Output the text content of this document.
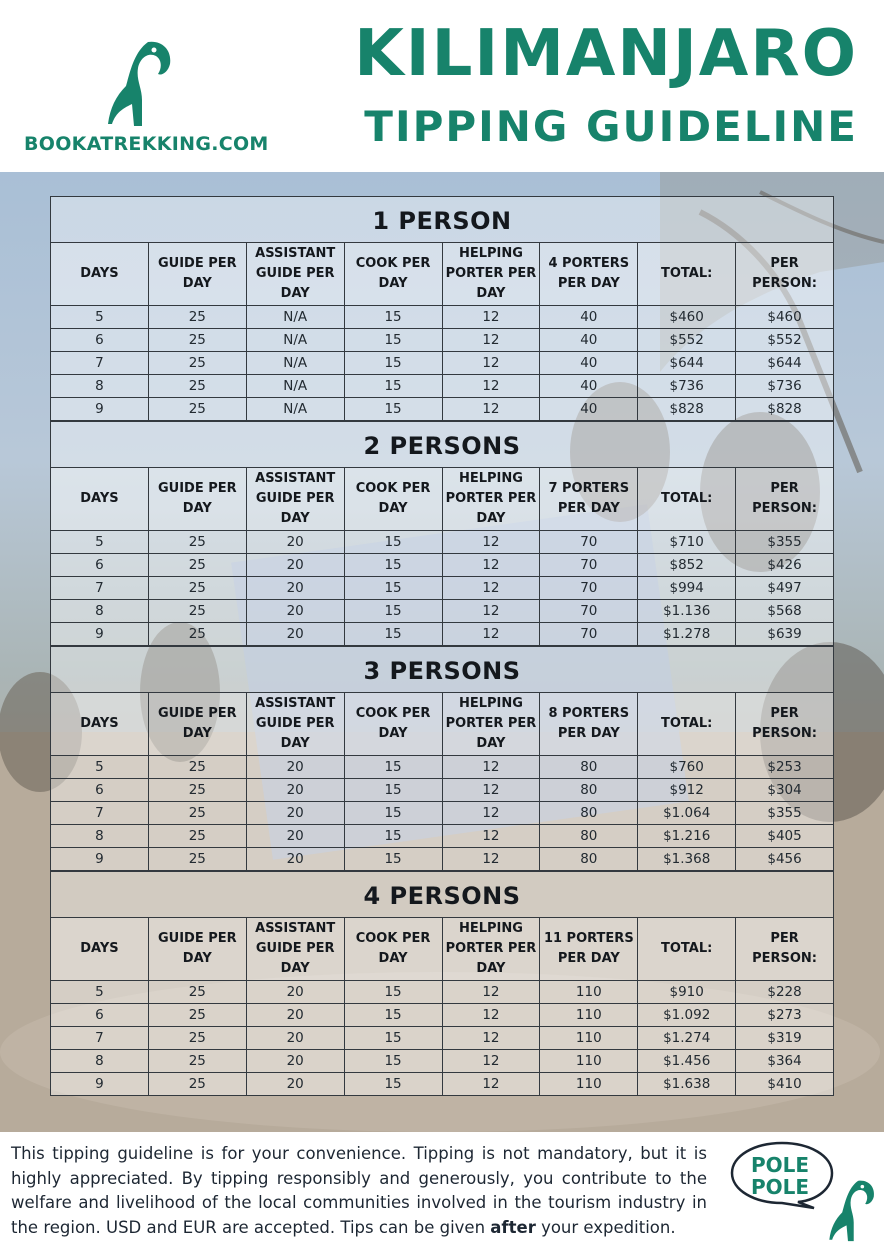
BOOKATREKKING.COM
KILIMANJARO
TIPPING GUIDELINE
1 PERSON
DAYS	GUIDE PER DAY	ASSISTANT GUIDE PER DAY	COOK PER DAY	HELPING PORTER PER DAY	4 PORTERS PER DAY	TOTAL:	PER PERSON:
5	25	N/A	15	12	40	$460	$460
6	25	N/A	15	12	40	$552	$552
7	25	N/A	15	12	40	$644	$644
8	25	N/A	15	12	40	$736	$736
9	25	N/A	15	12	40	$828	$828
2 PERSONS
DAYS	GUIDE PER DAY	ASSISTANT GUIDE PER DAY	COOK PER DAY	HELPING PORTER PER DAY	7 PORTERS PER DAY	TOTAL:	PER PERSON:
5	25	20	15	12	70	$710	$355
6	25	20	15	12	70	$852	$426
7	25	20	15	12	70	$994	$497
8	25	20	15	12	70	$1.136	$568
9	25	20	15	12	70	$1.278	$639
3 PERSONS
DAYS	GUIDE PER DAY	ASSISTANT GUIDE PER DAY	COOK PER DAY	HELPING PORTER PER DAY	8 PORTERS PER DAY	TOTAL:	PER PERSON:
5	25	20	15	12	80	$760	$253
6	25	20	15	12	80	$912	$304
7	25	20	15	12	80	$1.064	$355
8	25	20	15	12	80	$1.216	$405
9	25	20	15	12	80	$1.368	$456
4 PERSONS
DAYS	GUIDE PER DAY	ASSISTANT GUIDE PER DAY	COOK PER DAY	HELPING PORTER PER DAY	11 PORTERS PER DAY	TOTAL:	PER PERSON:
5	25	20	15	12	110	$910	$228
6	25	20	15	12	110	$1.092	$273
7	25	20	15	12	110	$1.274	$319
8	25	20	15	12	110	$1.456	$364
9	25	20	15	12	110	$1.638	$410
This tipping guideline is for your convenience. Tipping is not mandatory, but it is highly appreciated. By tipping responsibly and generously, you contribute to the welfare and livelihood of the local communities involved in the tourism industry in the region. USD and EUR are accepted. Tips can be given after your expedition.
POLE
POLE
